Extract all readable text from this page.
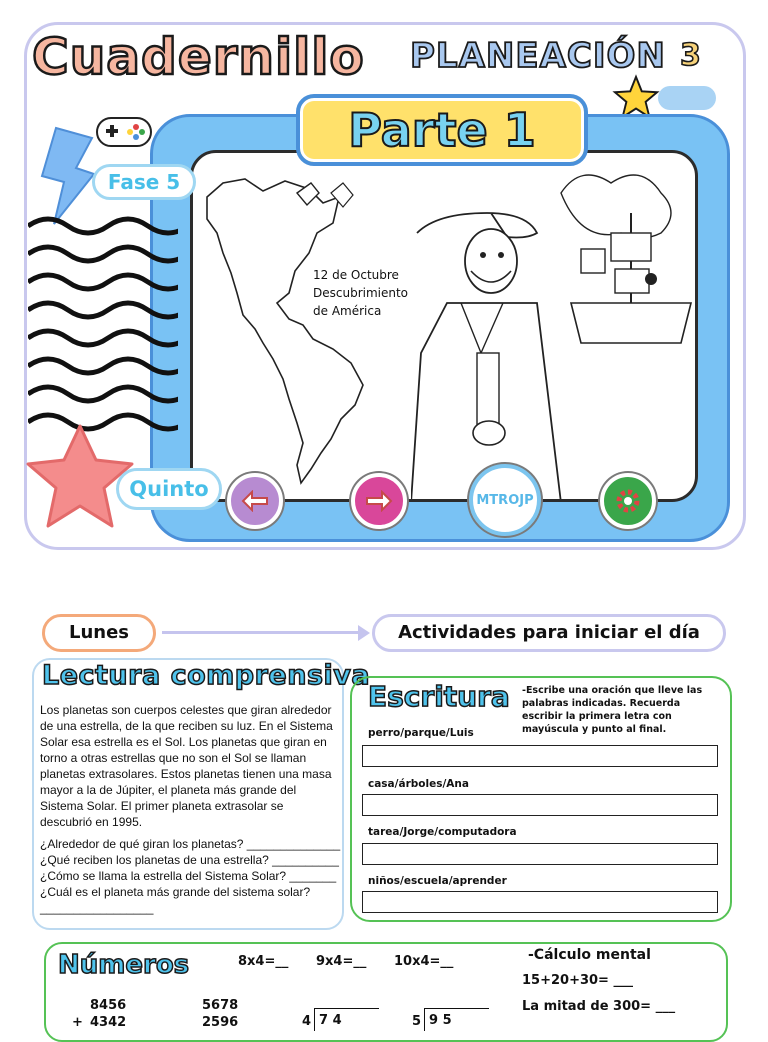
Cuadernillo PLANEACIÓN 3
12 de Octubre
Descubrimiento
de América
Parte 1
Fase 5
Quinto	MTROJP
Lunes	Actividades para iniciar el día
Lectura comprensiva
Los planetas son cuerpos celestes que giran alrededor de una estrella, de la que reciben su luz. En el Sistema Solar esa estrella es el Sol. Los planetas que giran en torno a otras estrellas que no son el Sol se llaman planetas extrasolares. Estos planetas tienen una masa mayor a la de Júpiter, el planeta más grande del Sistema Solar. El primer planeta extrasolar se descubrió en 1995.
¿Alrededor de qué giran los planetas? ______________
¿Qué reciben los planetas de una estrella? __________
¿Cómo se llama la estrella del Sistema Solar? _______
¿Cuál es el planeta más grande del sistema solar?
_________________
Escritura -Escribe una oración que lleve las palabras indicadas. Recuerda escribir la primera letra con mayúscula y punto al final.
perro/parque/Luis
casa/árboles/Ana
tarea/Jorge/computadora
niños/escuela/aprender
Números	8x4=__ 9x4=__ 10x4=__	-Cálculo mental
15+20+30= ___
La mitad de 300= ___
8456
+ 4342
5678
2596	4 7 4	5 9 5
